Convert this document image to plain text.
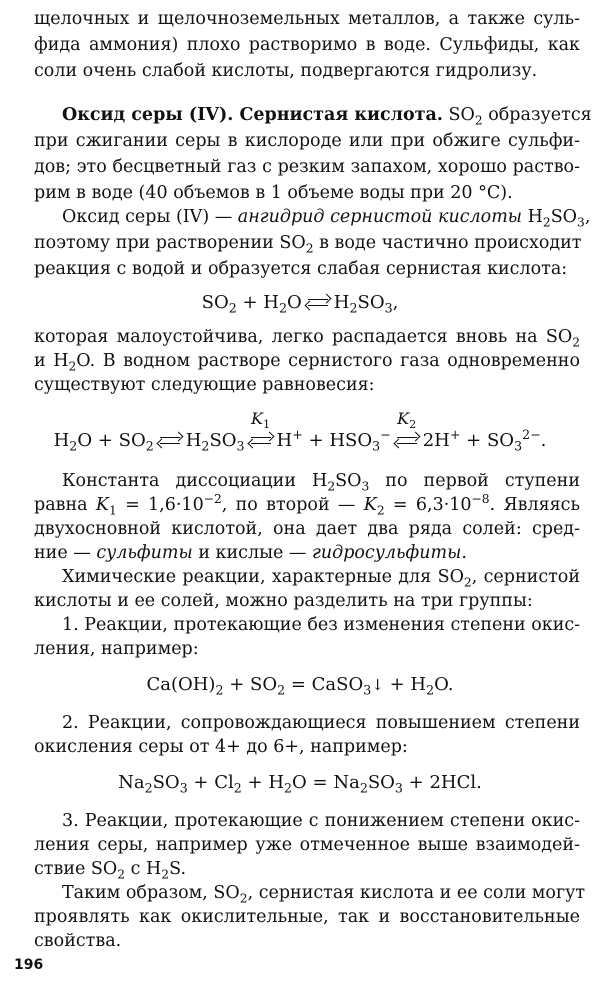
щелочных и щелочноземельных металлов, а также суль-
фида аммония) плохо растворимо в воде. Сульфиды, как
соли очень слабой кислоты, подвергаются гидролизу.
Оксид серы (IV). Сернистая кислота. $SO_2$ образуется
при сжигании серы в кислороде или при обжиге сульфи-
дов; это бесцветный газ с резким запахом, хорошо раство-
рим в воде (40 объемов в 1 объеме воды при 20 °С).
Оксид серы (IV) — ангидрид сернистой кислоты $H_2SO_3$,
поэтому при растворении $SO_2$ в воде частично происходит
реакция с водой и образуется слабая сернистая кислота:
$SO_2 + H_2O \to H_2SO_3$,
которая малоустойчива, легко распадается вновь на $SO_2$
и $H_2O$. В водном растворе сернистого газа одновременно
существуют следующие равновесия:
$H_2O + SO_2 \to H_2SO_3$
$K_1$
$H^+ + HSO_3^-$
$K_2$
$2H^+ + SO_3^{2-}$.
Константа диссоциации $H_2SO_3$ по первой ступени
равна $K_1 = 1,6\cdot 10^{-2}$, по второй — $K_2 = 6,3\cdot 10^{-8}$. Являясь
двухосновной кислотой, она дает два ряда солей: сред-
ние — сульфиты и кислые — гидросульфиты.
Химические реакции, характерные для $SO_2$, сернистой
кислоты и ее солей, можно разделить на три группы:
1. Реакции, протекающие без изменения степени окис-
ления, например:
$Ca(OH)_2 + SO_2$ = CaSO$_3$↓ + $H_2O$.
2. Реакции, сопровождающиеся повышением степени
окисления серы от 4+ до 6+, например:
$Na_2SO_3 + Cl_2 + H_2O = Na_2SO_3 + 2HCl$.
3. Реакции, протекающие с понижением степени окис-
ления серы, например уже отмеченное выше взаимодей-
ствие $SO_2$ с $H_2S$.
Таким образом, $SO_2$, сернистая кислота и ее соли могут
проявлять как окислительные, так и восстановительные
свойства.
196
